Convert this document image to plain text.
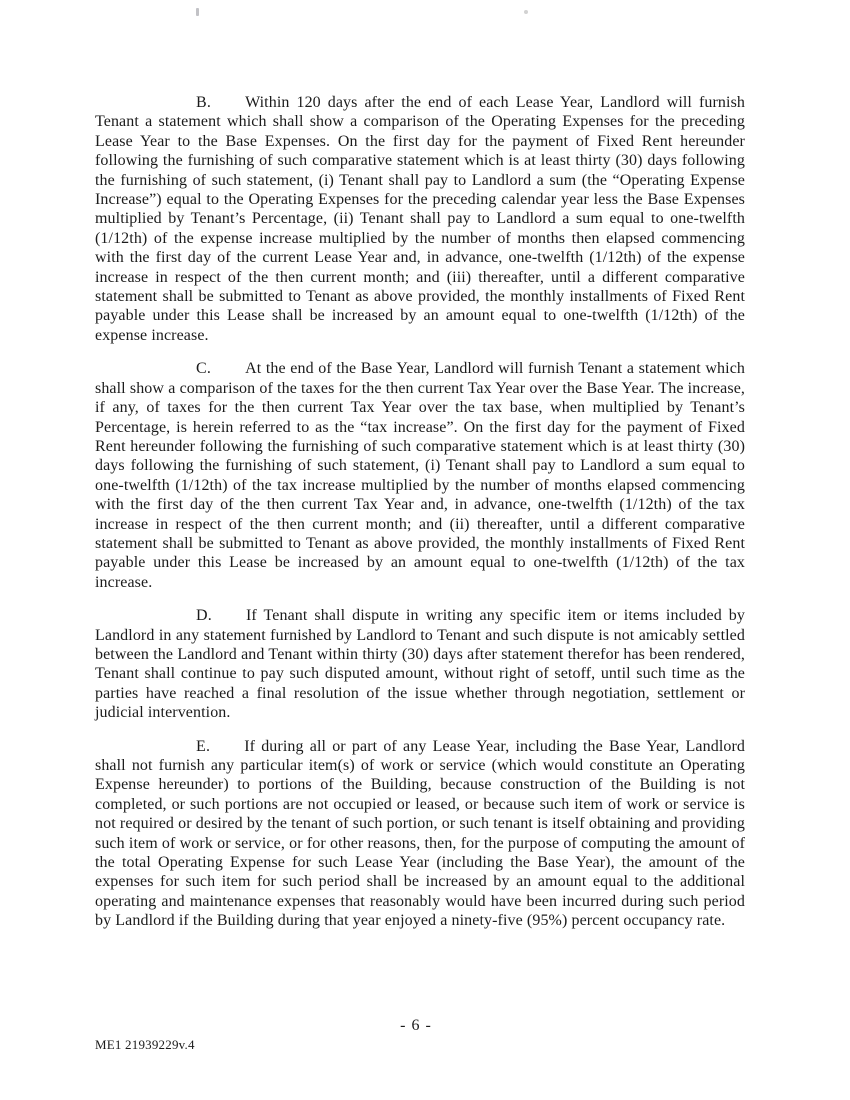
B. Within 120 days after the end of each Lease Year, Landlord will furnish Tenant a statement which shall show a comparison of the Operating Expenses for the preceding Lease Year to the Base Expenses. On the first day for the payment of Fixed Rent hereunder following the furnishing of such comparative statement which is at least thirty (30) days following the furnishing of such statement, (i) Tenant shall pay to Landlord a sum (the “Operating Expense Increase”) equal to the Operating Expenses for the preceding calendar year less the Base Expenses multiplied by Tenant’s Percentage, (ii) Tenant shall pay to Landlord a sum equal to one-twelfth (1/12th) of the expense increase multiplied by the number of months then elapsed commencing with the first day of the current Lease Year and, in advance, one-twelfth (1/12th) of the expense increase in respect of the then current month; and (iii) thereafter, until a different comparative statement shall be submitted to Tenant as above provided, the monthly installments of Fixed Rent payable under this Lease shall be increased by an amount equal to one-twelfth (1/12th) of the expense increase.

C. At the end of the Base Year, Landlord will furnish Tenant a statement which shall show a comparison of the taxes for the then current Tax Year over the Base Year. The increase, if any, of taxes for the then current Tax Year over the tax base, when multiplied by Tenant’s Percentage, is herein referred to as the “tax increase”. On the first day for the payment of Fixed Rent hereunder following the furnishing of such comparative statement which is at least thirty (30) days following the furnishing of such statement, (i) Tenant shall pay to Landlord a sum equal to one-twelfth (1/12th) of the tax increase multiplied by the number of months elapsed commencing with the first day of the then current Tax Year and, in advance, one-twelfth (1/12th) of the tax increase in respect of the then current month; and (ii) thereafter, until a different comparative statement shall be submitted to Tenant as above provided, the monthly installments of Fixed Rent payable under this Lease be increased by an amount equal to one-twelfth (1/12th) of the tax increase.

D. If Tenant shall dispute in writing any specific item or items included by Landlord in any statement furnished by Landlord to Tenant and such dispute is not amicably settled between the Landlord and Tenant within thirty (30) days after statement therefor has been rendered, Tenant shall continue to pay such disputed amount, without right of setoff, until such time as the parties have reached a final resolution of the issue whether through negotiation, settlement or judicial intervention.

E. If during all or part of any Lease Year, including the Base Year, Landlord shall not furnish any particular item(s) of work or service (which would constitute an Operating Expense hereunder) to portions of the Building, because construction of the Building is not completed, or such portions are not occupied or leased, or because such item of work or service is not required or desired by the tenant of such portion, or such tenant is itself obtaining and providing such item of work or service, or for other reasons, then, for the purpose of computing the amount of the total Operating Expense for such Lease Year (including the Base Year), the amount of the expenses for such item for such period shall be increased by an amount equal to the additional operating and maintenance expenses that reasonably would have been incurred during such period by Landlord if the Building during that year enjoyed a ninety-five (95%) percent occupancy rate.

- 6 -
ME1 21939229v.4
